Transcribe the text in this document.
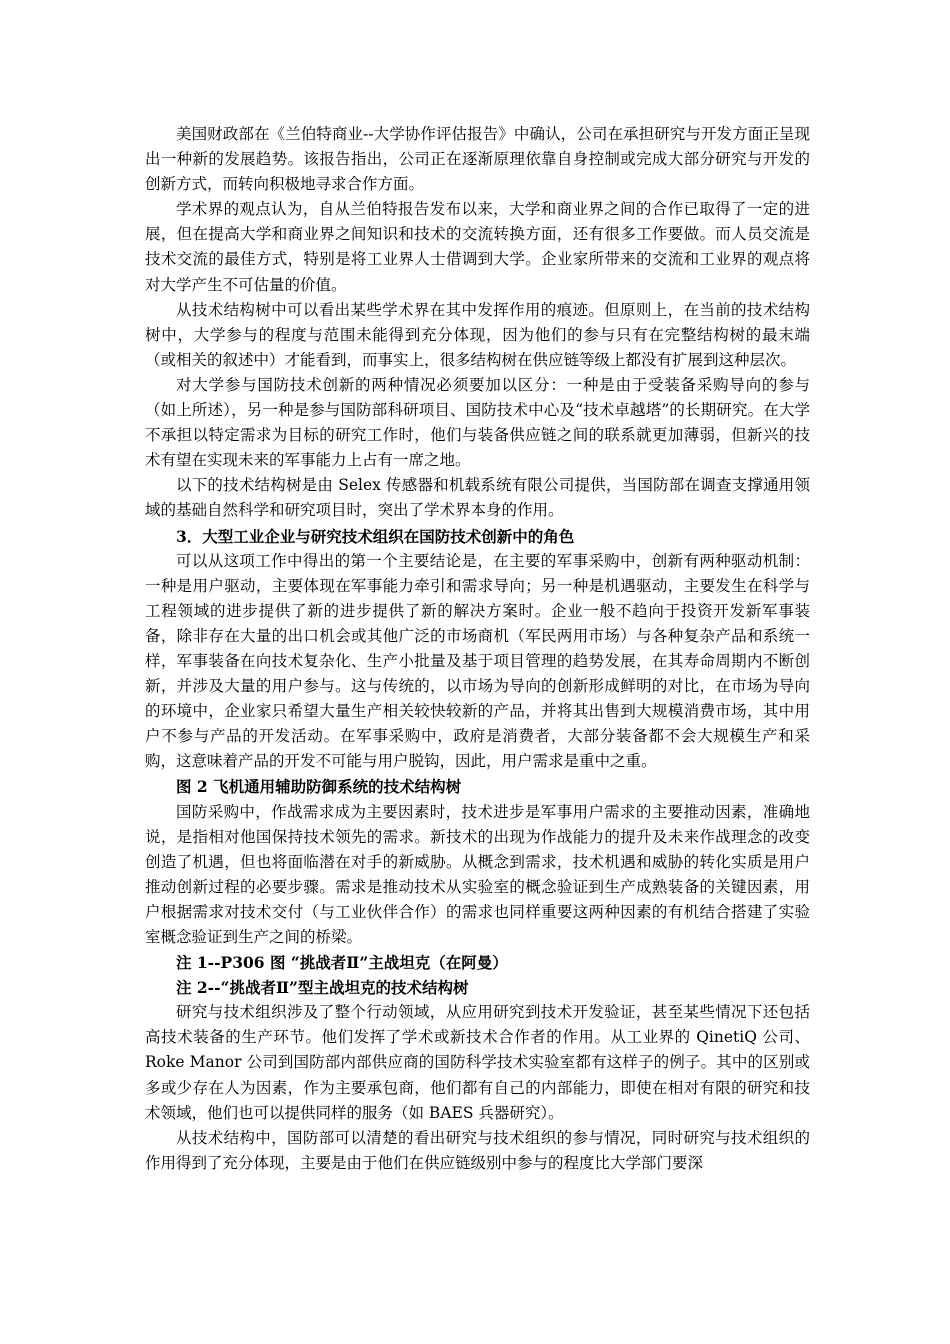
美国财政部在《兰伯特商业--大学协作评估报告》中确认，公司在承担研究与开发方面正呈现出一种新的发展趋势。该报告指出，公司正在逐渐原理依靠自身控制或完成大部分研究与开发的创新方式，而转向积极地寻求合作方面。

学术界的观点认为，自从兰伯特报告发布以来，大学和商业界之间的合作已取得了一定的进展，但在提高大学和商业界之间知识和技术的交流转换方面，还有很多工作要做。而人员交流是技术交流的最佳方式，特别是将工业界人士借调到大学。企业家所带来的交流和工业界的观点将对大学产生不可估量的价值。

从技术结构树中可以看出某些学术界在其中发挥作用的痕迹。但原则上，在当前的技术结构树中，大学参与的程度与范围未能得到充分体现，因为他们的参与只有在完整结构树的最末端（或相关的叙述中）才能看到，而事实上，很多结构树在供应链等级上都没有扩展到这种层次。

对大学参与国防技术创新的两种情况必须要加以区分：一种是由于受装备采购导向的参与（如上所述），另一种是参与国防部科研项目、国防技术中心及“技术卓越塔”的长期研究。在大学不承担以特定需求为目标的研究工作时，他们与装备供应链之间的联系就更加薄弱，但新兴的技术有望在实现未来的军事能力上占有一席之地。

以下的技术结构树是由 Selex 传感器和机载系统有限公司提供，当国防部在调查支撑通用领域的基础自然科学和研究项目时，突出了学术界本身的作用。

3．大型工业企业与研究技术组织在国防技术创新中的角色

可以从这项工作中得出的第一个主要结论是，在主要的军事采购中，创新有两种驱动机制：一种是用户驱动，主要体现在军事能力牵引和需求导向；另一种是机遇驱动，主要发生在科学与工程领域的进步提供了新的进步提供了新的解决方案时。企业一般不趋向于投资开发新军事装备，除非存在大量的出口机会或其他广泛的市场商机（军民两用市场）与各种复杂产品和系统一样，军事装备在向技术复杂化、生产小批量及基于项目管理的趋势发展，在其寿命周期内不断创新，并涉及大量的用户参与。这与传统的，以市场为导向的创新形成鲜明的对比，在市场为导向的环境中，企业家只希望大量生产相关较快较新的产品，并将其出售到大规模消费市场，其中用户不参与产品的开发活动。在军事采购中，政府是消费者，大部分装备都不会大规模生产和采购，这意味着产品的开发不可能与用户脱钩，因此，用户需求是重中之重。

图 2 飞机通用辅助防御系统的技术结构树

国防采购中，作战需求成为主要因素时，技术进步是军事用户需求的主要推动因素，准确地说，是指相对他国保持技术领先的需求。新技术的出现为作战能力的提升及未来作战理念的改变创造了机遇，但也将面临潜在对手的新威胁。从概念到需求，技术机遇和威胁的转化实质是用户推动创新过程的必要步骤。需求是推动技术从实验室的概念验证到生产成熟装备的关键因素，用户根据需求对技术交付（与工业伙伴合作）的需求也同样重要这两种因素的有机结合搭建了实验室概念验证到生产之间的桥梁。

注 1--P306 图 “挑战者Ⅱ”主战坦克（在阿曼）

注 2--“挑战者Ⅱ”型主战坦克的技术结构树

研究与技术组织涉及了整个行动领域，从应用研究到技术开发验证，甚至某些情况下还包括高技术装备的生产环节。他们发挥了学术或新技术合作者的作用。从工业界的 QinetiQ 公司、Roke Manor 公司到国防部内部供应商的国防科学技术实验室都有这样子的例子。其中的区别或多或少存在人为因素，作为主要承包商，他们都有自己的内部能力，即使在相对有限的研究和技术领域，他们也可以提供同样的服务（如 BAES 兵器研究）。

从技术结构中，国防部可以清楚的看出研究与技术组织的参与情况，同时研究与技术组织的作用得到了充分体现，主要是由于他们在供应链级别中参与的程度比大学部门要深
